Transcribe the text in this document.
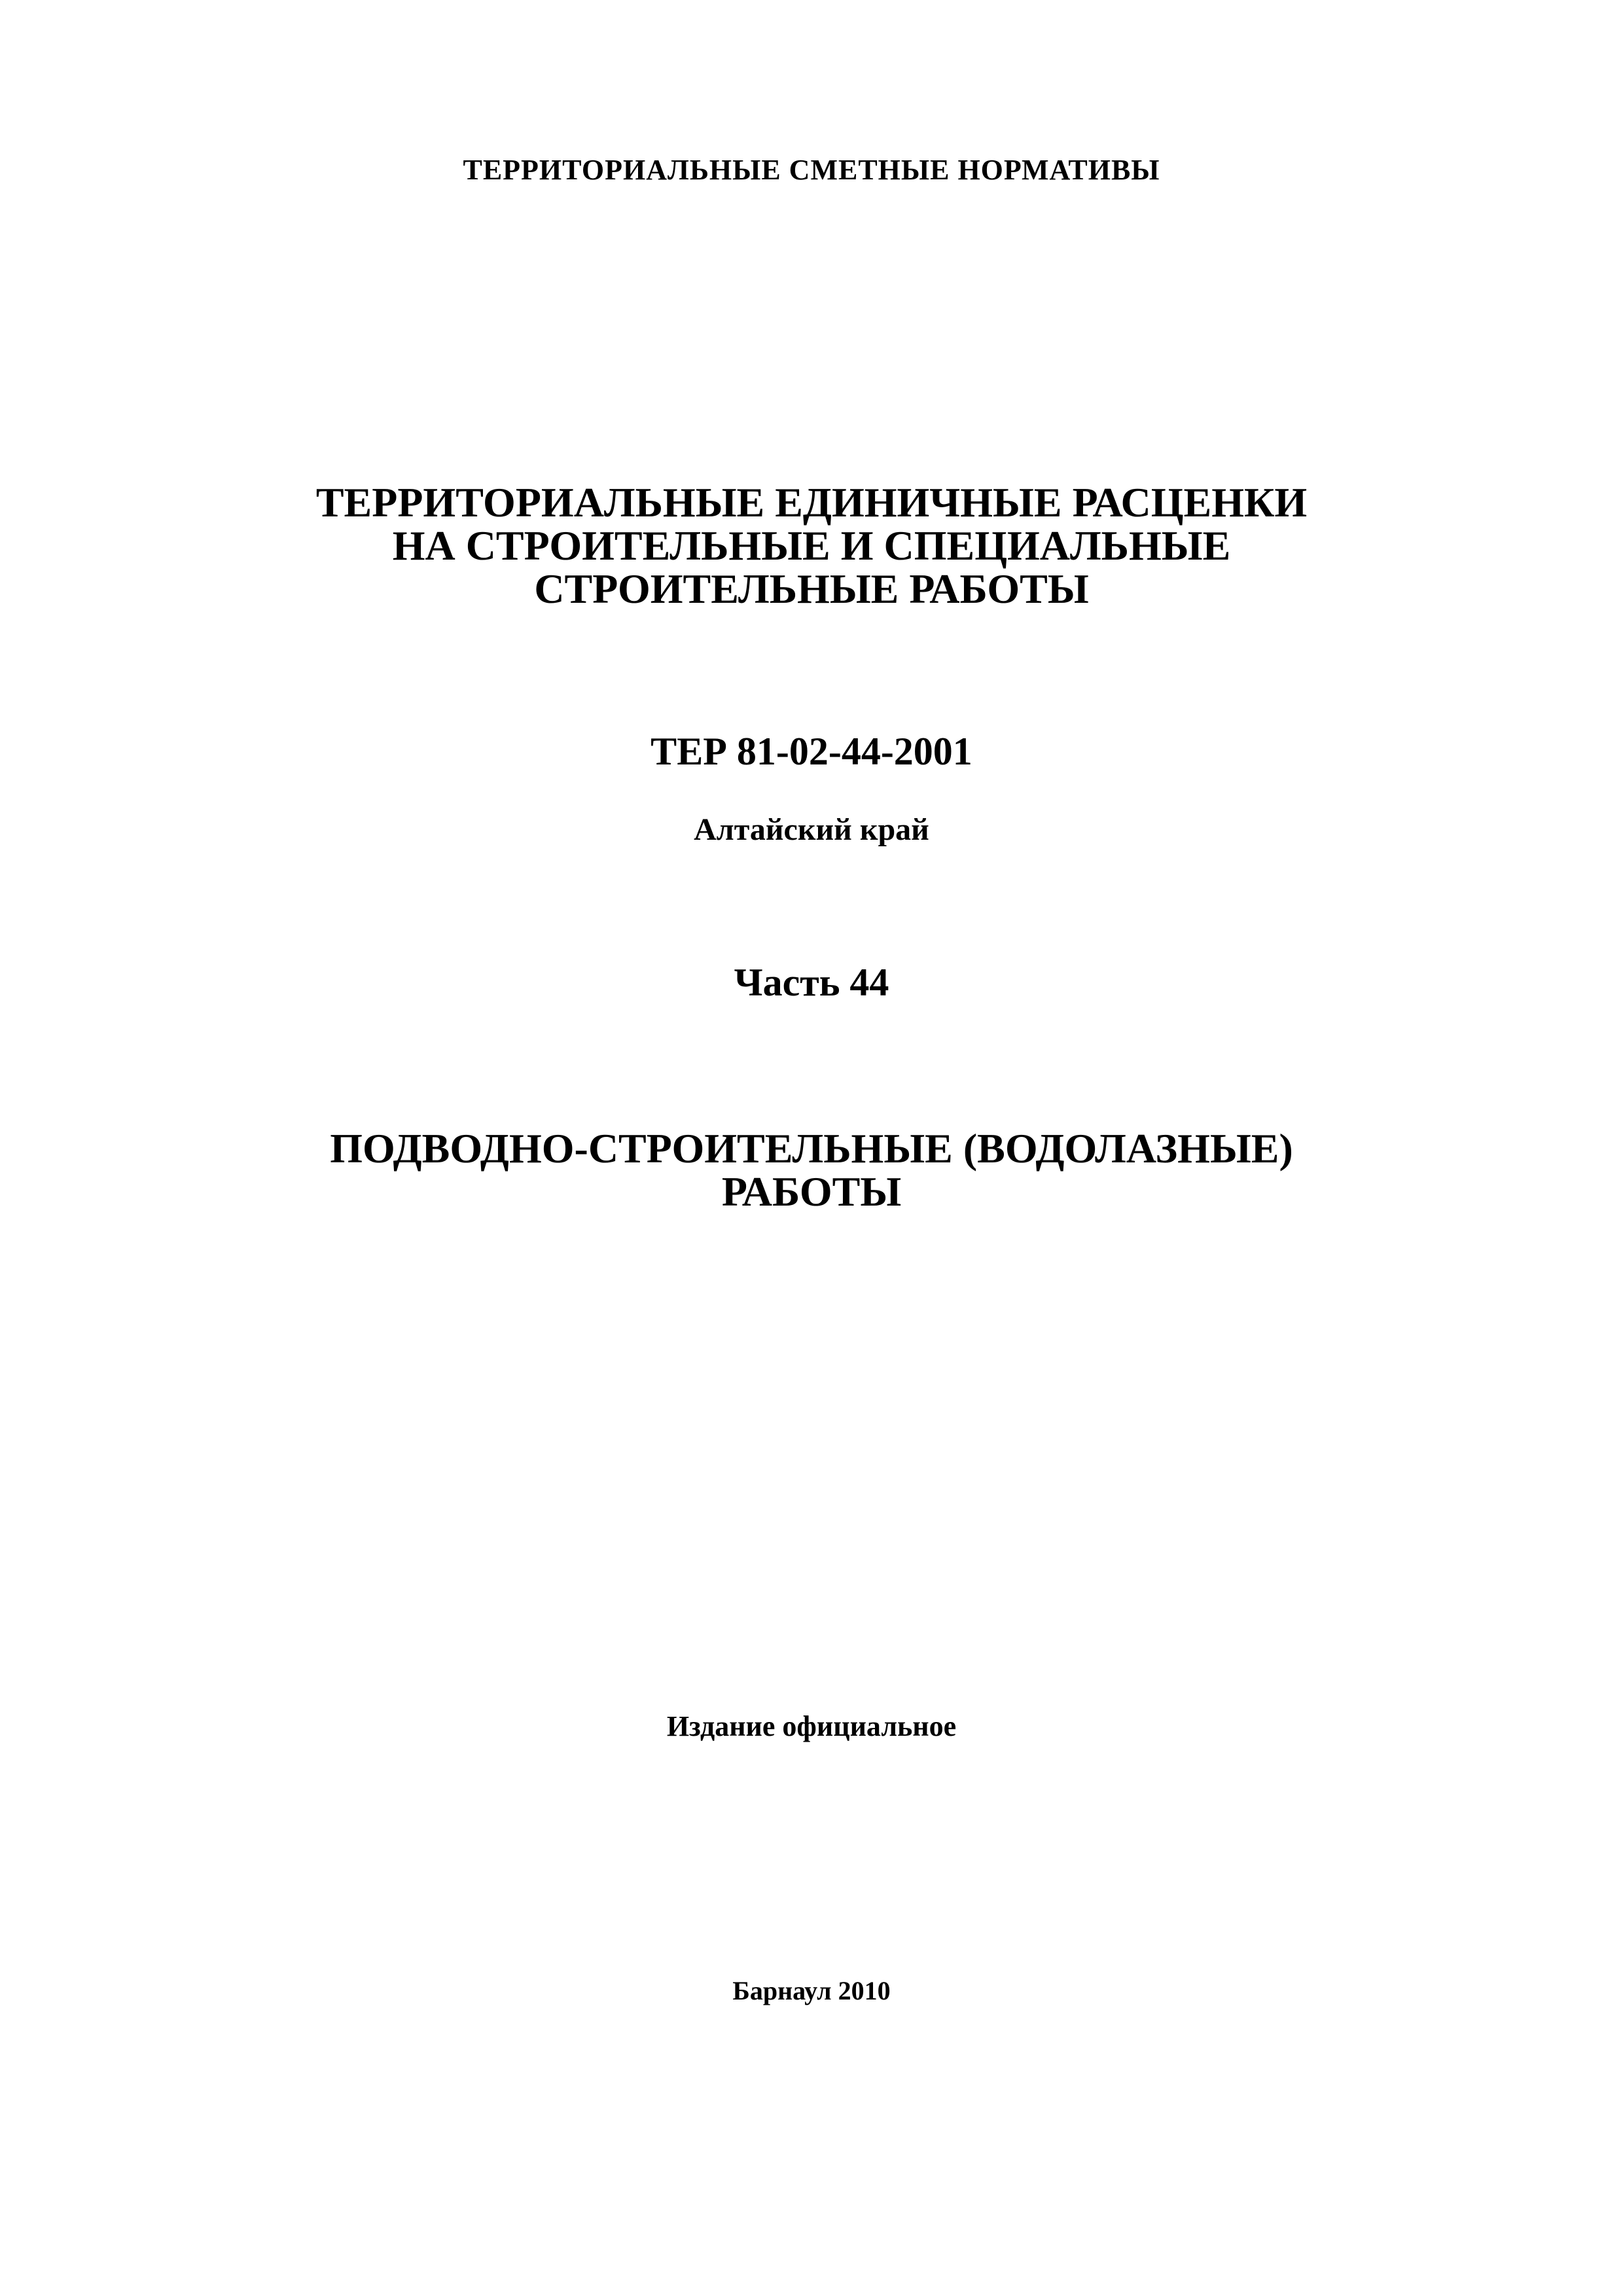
ТЕРРИТОРИАЛЬНЫЕ СМЕТНЫЕ НОРМАТИВЫ
ТЕРРИТОРИАЛЬНЫЕ ЕДИНИЧНЫЕ РАСЦЕНКИ
НА СТРОИТЕЛЬНЫЕ И СПЕЦИАЛЬНЫЕ
СТРОИТЕЛЬНЫЕ РАБОТЫ
ТЕР 81-02-44-2001
Алтайский край
Часть 44
ПОДВОДНО-СТРОИТЕЛЬНЫЕ (ВОДОЛАЗНЫЕ)
РАБОТЫ
Издание официальное
Барнаул 2010
